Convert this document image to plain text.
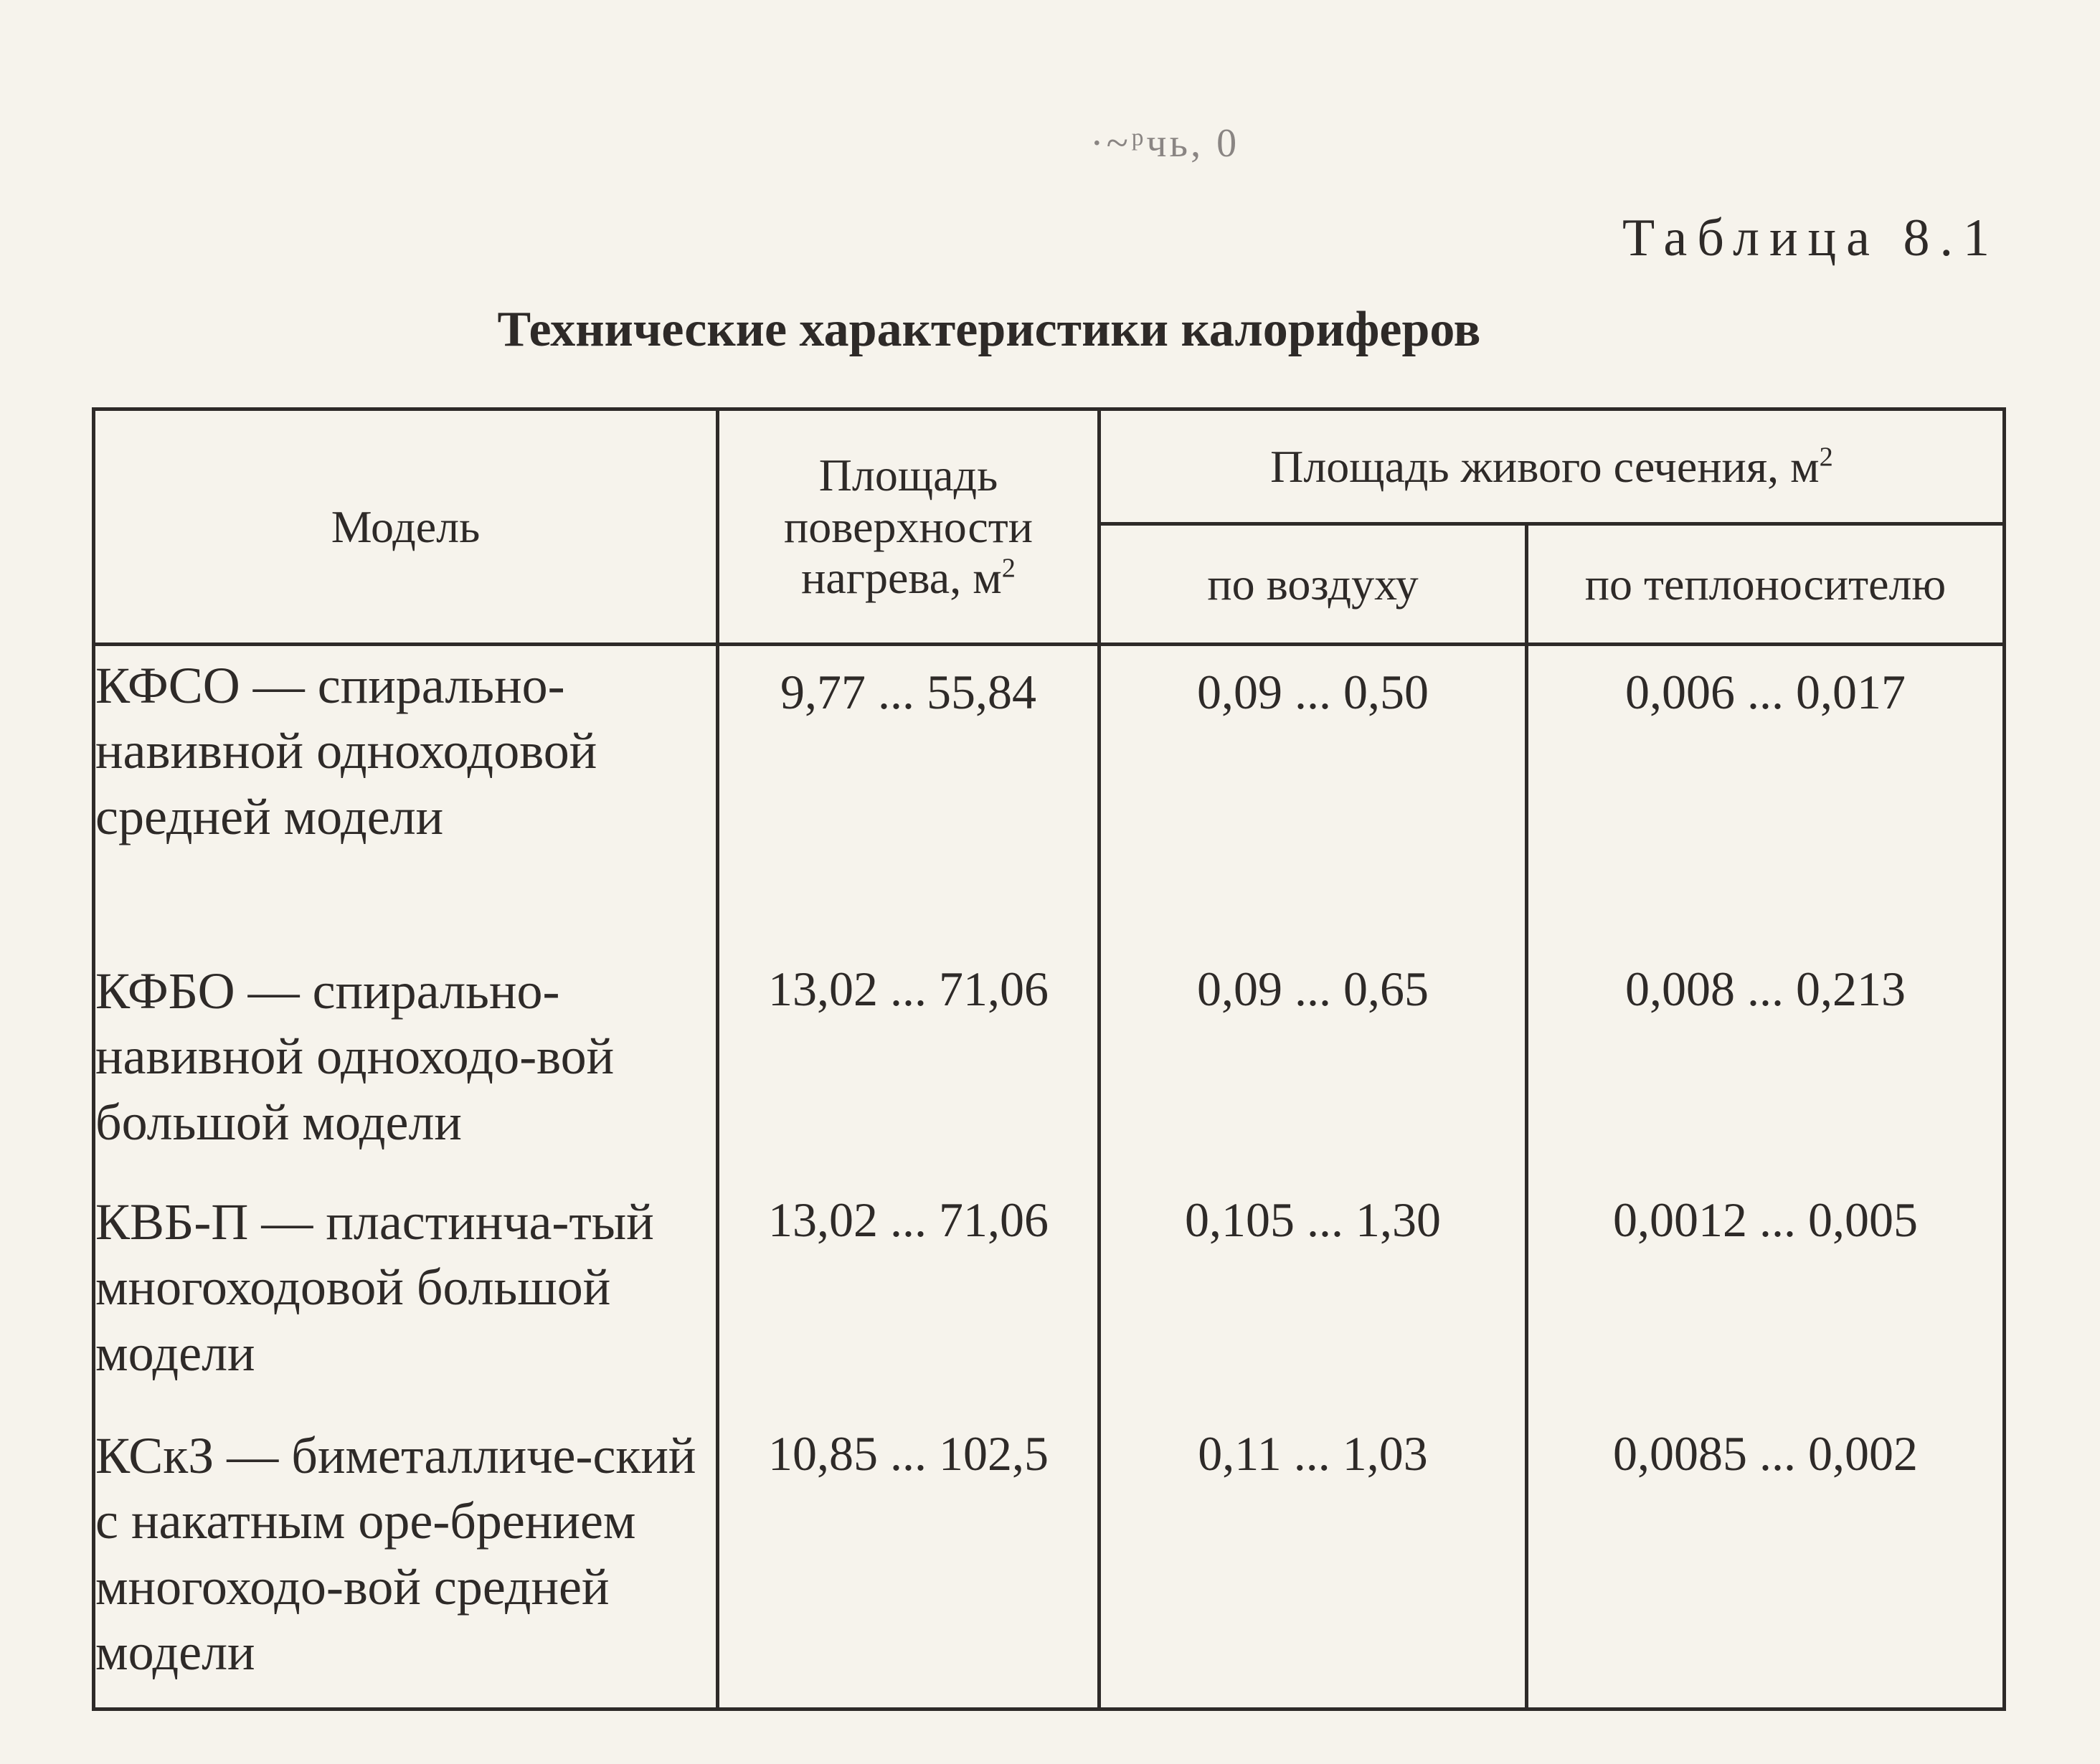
·~ᵖчь, 0
Таблица 8.1
Технические характеристики калориферов
Модель	Площадь
поверхности
нагрева, $м^2$	Площадь живого сечения, $м^2$
		по воздуху	по теплоносителю
КФСО — спирально-навивной одноходовой средней модели	9,77 ... 55,84	0,09 ... 0,50	0,006 ... 0,017
КФБО — спирально-навивной одноходо-вой большой модели	13,02 ... 71,06	0,09 ... 0,65	0,008 ... 0,213
КВБ-П — пластинча-тый многоходовой большой модели	13,02 ... 71,06	0,105 ... 1,30	0,0012 ... 0,005
КСкЗ — биметалличе-ский с накатным оре-брением многоходо-вой средней модели	10,85 ... 102,5	0,11 ... 1,03	0,0085 ... 0,002
